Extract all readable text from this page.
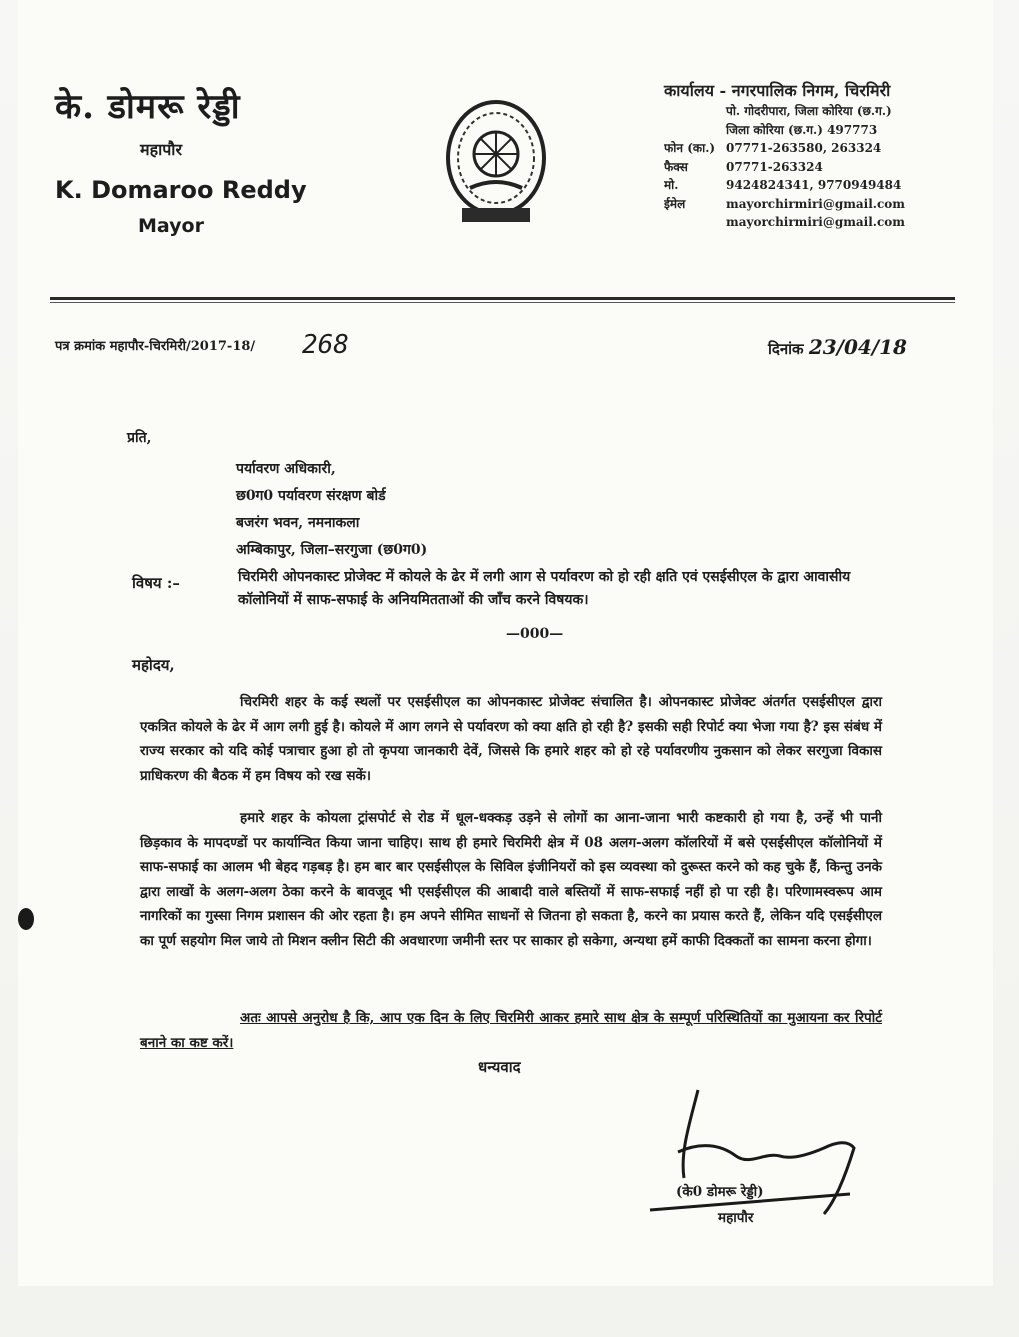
के. डोमरू रेड्डी
महापौर
K. Domaroo Reddy
Mayor
कार्यालय - नगरपालिक निगम, चिरमिरी
पो. गोदरीपारा, जिला कोरिया (छ.ग.)
जिला कोरिया (छ.ग.) 497773
फोन (का.) 07771-263580, 263324
फैक्स	07771-263324
मो.	9424824341, 9770949484
ईमेल	mayorchirmiri@gmail.com
mayorchirmiri@gmail.com
पत्र क्रमांक महापौर-चिरमिरी/2017-18/ 268	दिनांक 23/04/18
प्रति,
पर्यावरण अधिकारी,
छ0ग0 पर्यावरण संरक्षण बोर्ड
बजरंग भवन, नमनाकला
अम्बिकापुर, जिला–सरगुजा (छ0ग0)
विषय :–	चिरमिरी ओपनकास्ट प्रोजेक्ट में कोयले के ढेर में लगी आग से पर्यावरण को हो रही क्षति एवं एसईसीएल के द्वारा आवासीय कॉलोनियों में साफ-सफाई के अनियमितताओं की जाँच करने विषयक।
—000—
महोदय,
चिरमिरी शहर के कई स्थलों पर एसईसीएल का ओपनकास्ट प्रोजेक्ट संचालित है। ओपनकास्ट प्रोजेक्ट अंतर्गत एसईसीएल द्वारा एकत्रित कोयले के ढेर में आग लगी हुई है। कोयले में आग लगने से पर्यावरण को क्या क्षति हो रही है? इसकी सही रिपोर्ट क्या भेजा गया है? इस संबंध में राज्य सरकार को यदि कोई पत्राचार हुआ हो तो कृपया जानकारी देवें, जिससे कि हमारे शहर को हो रहे पर्यावरणीय नुकसान को लेकर सरगुजा विकास प्राधिकरण की बैठक में हम विषय को रख सकें।
हमारे शहर के कोयला ट्रांसपोर्ट से रोड में धूल-धक्कड़ उड़ने से लोगों का आना-जाना भारी कष्टकारी हो गया है, उन्हें भी पानी छिड़काव के मापदण्डों पर कार्यान्वित किया जाना चाहिए। साथ ही हमारे चिरमिरी क्षेत्र में 08 अलग-अलग कॉलरियों में बसे एसईसीएल कॉलोनियों में साफ-सफाई का आलम भी बेहद गड़बड़ है। हम बार बार एसईसीएल के सिविल इंजीनियरों को इस व्यवस्था को दुरूस्त करने को कह चुके हैं, किन्तु उनके द्वारा लाखों के अलग-अलग ठेका करने के बावजूद भी एसईसीएल की आबादी वाले बस्तियों में साफ-सफाई नहीं हो पा रही है। परिणामस्वरूप आम नागरिकों का गुस्सा निगम प्रशासन की ओर रहता है। हम अपने सीमित साधनों से जितना हो सकता है, करने का प्रयास करते हैं, लेकिन यदि एसईसीएल का पूर्ण सहयोग मिल जाये तो मिशन क्लीन सिटी की अवधारणा जमीनी स्तर पर साकार हो सकेगा, अन्यथा हमें काफी दिक्कतों का सामना करना होगा।
अतः आपसे अनुरोध है कि, आप एक दिन के लिए चिरमिरी आकर हमारे साथ क्षेत्र के सम्पूर्ण परिस्थितियों का मुआयना कर रिपोर्ट बनाने का कष्ट करें।
धन्यवाद
(के0 डोमरू रेड्डी)
महापौर
